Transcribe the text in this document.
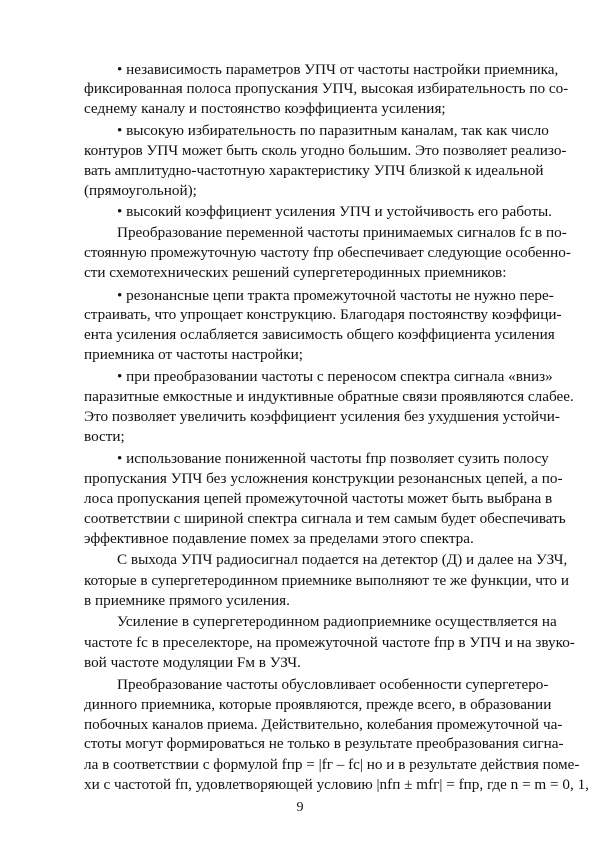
• независимость параметров УПЧ от частоты настройки приемника,
фиксированная полоса пропускания УПЧ, высокая избирательность по со-
седнему каналу и постоянство коэффициента усиления;
• высокую избирательность по паразитным каналам, так как число
контуров УПЧ может быть сколь угодно большим. Это позволяет реализо-
вать амплитудно-частотную характеристику УПЧ близкой к идеальной
(прямоугольной);
• высокий коэффициент усиления УПЧ и устойчивость его работы.
Преобразование переменной частоты принимаемых сигналов fc в по-
стоянную промежуточную частоту fпр обеспечивает следующие особенно-
сти схемотехнических решений супергетеродинных приемников:
• резонансные цепи тракта промежуточной частоты не нужно пере-
страивать, что упрощает конструкцию. Благодаря постоянству коэффици-
ента усиления ослабляется зависимость общего коэффициента усиления
приемника от частоты настройки;
• при преобразовании частоты с переносом спектра сигнала «вниз»
паразитные емкостные и индуктивные обратные связи проявляются слабее.
Это позволяет увеличить коэффициент усиления без ухудшения устойчи-
вости;
• использование пониженной частоты fпр позволяет сузить полосу
пропускания УПЧ без усложнения конструкции резонансных цепей, а по-
лоса пропускания цепей промежуточной частоты может быть выбрана в
соответствии с шириной спектра сигнала и тем самым будет обеспечивать
эффективное подавление помех за пределами этого спектра.
С выхода УПЧ радиосигнал подается на детектор (Д) и далее на УЗЧ,
которые в супергетеродинном приемнике выполняют те же функции, что и
в приемнике прямого усиления.
Усиление в супергетеродинном радиоприемнике осуществляется на
частоте fc в преселекторе, на промежуточной частоте fпр в УПЧ и на звуко-
вой частоте модуляции Fм в УЗЧ.
Преобразование частоты обусловливает особенности супергетеро-
динного приемника, которые проявляются, прежде всего, в образовании
побочных каналов приема. Действительно, колебания промежуточной ча-
стоты могут формироваться не только в результате преобразования сигна-
ла в соответствии с формулой fпр = |fг – fс| но и в результате действия поме-
хи с частотой fп, удовлетворяющей условию |nfп ± mfг| = fпр, где n = m = 0, 1,
9
